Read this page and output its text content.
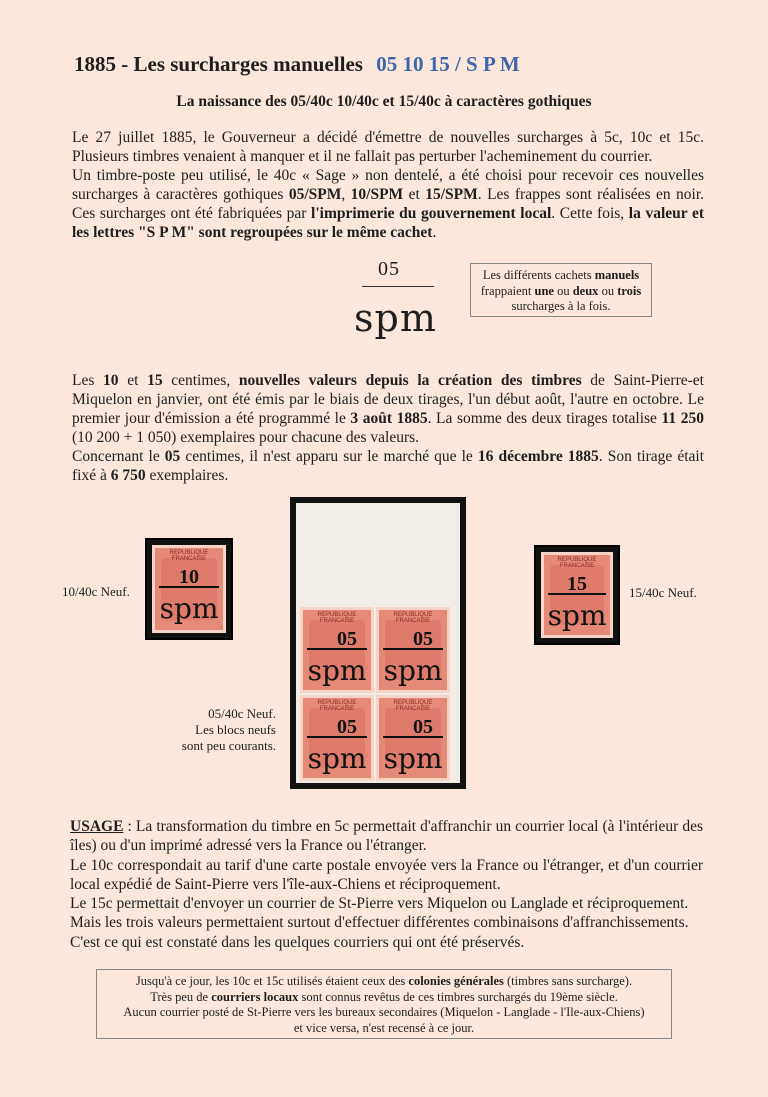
1885 - Les surcharges manuelles 05 10 15 / S P M
La naissance des 05/40c 10/40c et 15/40c à caractères gothiques

Le 27 juillet 1885, le Gouverneur a décidé d'émettre de nouvelles surcharges à 5c, 10c et 15c. Plusieurs timbres venaient à manquer et il ne fallait pas perturber l'acheminement du courrier.

Un timbre-poste peu utilisé, le 40c « Sage » non dentelé, a été choisi pour recevoir ces nouvelles surcharges à caractères gothiques 05/SPM, 10/SPM et 15/SPM. Les frappes sont réalisées en noir. Ces surcharges ont été fabriquées par l'imprimerie du gouvernement local. Cette fois, la valeur et les lettres "S P M" sont regroupées sur le même cachet.

05
spm
Les différents cachets manuels
frappaient une ou deux ou trois
surcharges à la fois.

Les 10 et 15 centimes, nouvelles valeurs depuis la création des timbres de Saint-Pierre-et Miquelon en janvier, ont été émis par le biais de deux tirages, l'un début août, l'autre en octobre. Le premier jour d'émission a été programmé le 3 août 1885. La somme des deux tirages totalise 11 250 (10 200 + 1 050) exemplaires pour chacune des valeurs.

Concernant le 05 centimes, il n'est apparu sur le marché que le 16 décembre 1885. Son tirage était fixé à 6 750 exemplaires.

REPUBLIQUE FRANCAISE
10
spm
10/40c Neuf.
REPUBLIQUE FRANCAISE
15
spm
15/40c Neuf.
REPUBLIQUE FRANCAISE
05
spm
REPUBLIQUE FRANCAISE
05
spm
REPUBLIQUE FRANCAISE
05
spm
REPUBLIQUE FRANCAISE
05
spm
05/40c Neuf.
Les blocs neufs
sont peu courants.

USAGE : La transformation du timbre en 5c permettait d'affranchir un courrier local (à l'intérieur des îles) ou d'un imprimé adressé vers la France ou l'étranger.

Le 10c correspondait au tarif d'une carte postale envoyée vers la France ou l'étranger, et d'un courrier local expédié de Saint-Pierre vers l'île-aux-Chiens et réciproquement.

Le 15c permettait d'envoyer un courrier de St-Pierre vers Miquelon ou Langlade et réciproquement.

Mais les trois valeurs permettaient surtout d'effectuer différentes combinaisons d'affranchissements.

C'est ce qui est constaté dans les quelques courriers qui ont été préservés.

Jusqu'à ce jour, les 10c et 15c utilisés étaient ceux des colonies générales (timbres sans surcharge).
Très peu de courriers locaux sont connus revêtus de ces timbres surchargés du 19ème siècle.
Aucun courrier posté de St-Pierre vers les bureaux secondaires (Miquelon - Langlade - l'Ile-aux-Chiens)
et vice versa, n'est recensé à ce jour.
